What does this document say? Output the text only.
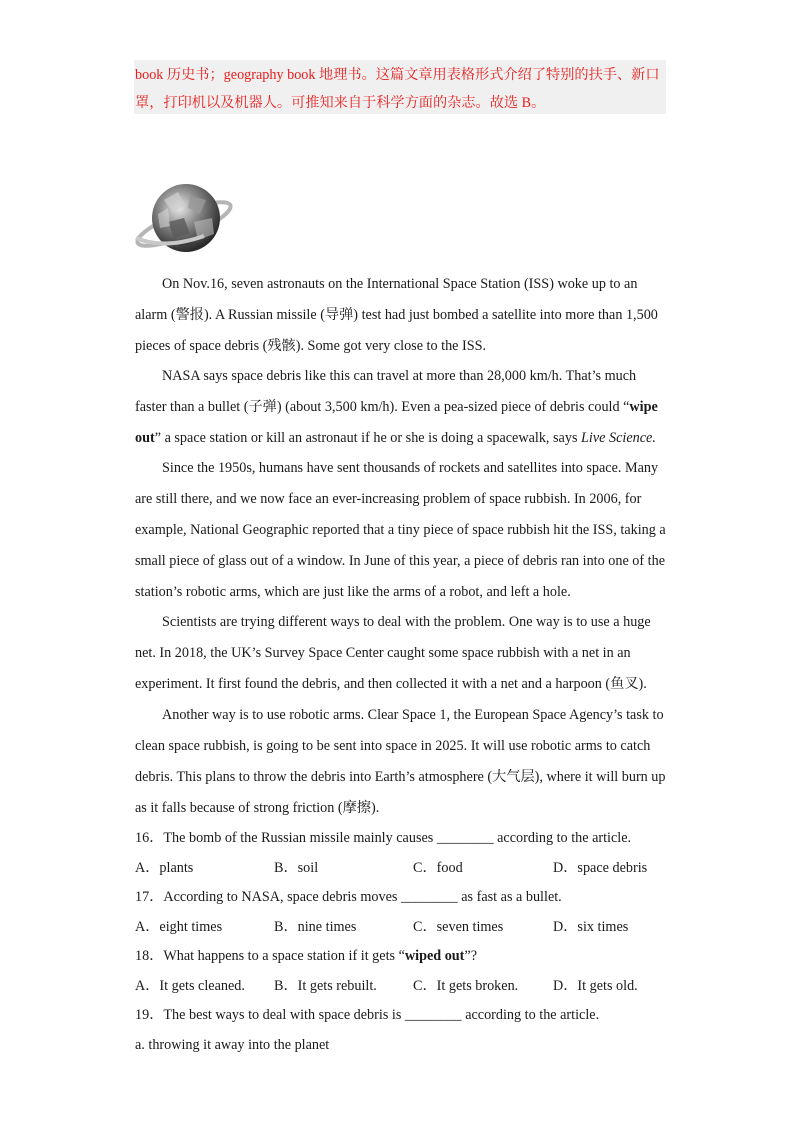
book 历史书；geography book 地理书。这篇文章用表格形式介绍了特别的扶手、新口
罩，打印机以及机器人。可推知来自于科学方面的杂志。故选 B。
On Nov.16, seven astronauts on the International Space Station (ISS) woke up to an
alarm (警报). A Russian missile (导弹) test had just bombed a satellite into more than 1,500
pieces of space debris (残骸). Some got very close to the ISS.
NASA says space debris like this can travel at more than 28,000 km/h. That’s much
faster than a bullet (子弹) (about 3,500 km/h). Even a pea-sized piece of debris could “wipe
out” a space station or kill an astronaut if he or she is doing a spacewalk, says Live Science.
Since the 1950s, humans have sent thousands of rockets and satellites into space. Many
are still there, and we now face an ever-increasing problem of space rubbish. In 2006, for
example, National Geographic reported that a tiny piece of space rubbish hit the ISS, taking a
small piece of glass out of a window. In June of this year, a piece of debris ran into one of the
station’s robotic arms, which are just like the arms of a robot, and left a hole.
Scientists are trying different ways to deal with the problem. One way is to use a huge
net. In 2018, the UK’s Survey Space Center caught some space rubbish with a net in an
experiment. It first found the debris, and then collected it with a net and a harpoon (鱼叉).
Another way is to use robotic arms. Clear Space 1, the European Space Agency’s task to
clean space rubbish, is going to be sent into space in 2025. It will use robotic arms to catch
debris. This plans to throw the debris into Earth’s atmosphere (大气层), where it will burn up
as it falls because of strong friction (摩擦).
16．The bomb of the Russian missile mainly causes ________ according to the article.
A．plants	B．soil	C．food	D．space debris
17．According to NASA, space debris moves ________ as fast as a bullet.
A．eight times	B．nine times	C．seven times	D．six times
18．What happens to a space station if it gets “wiped out”?
A．It gets cleaned. B．It gets rebuilt.	C．It gets broken. D．It gets old.
19．The best ways to deal with space debris is ________ according to the article.
a. throwing it away into the planet
